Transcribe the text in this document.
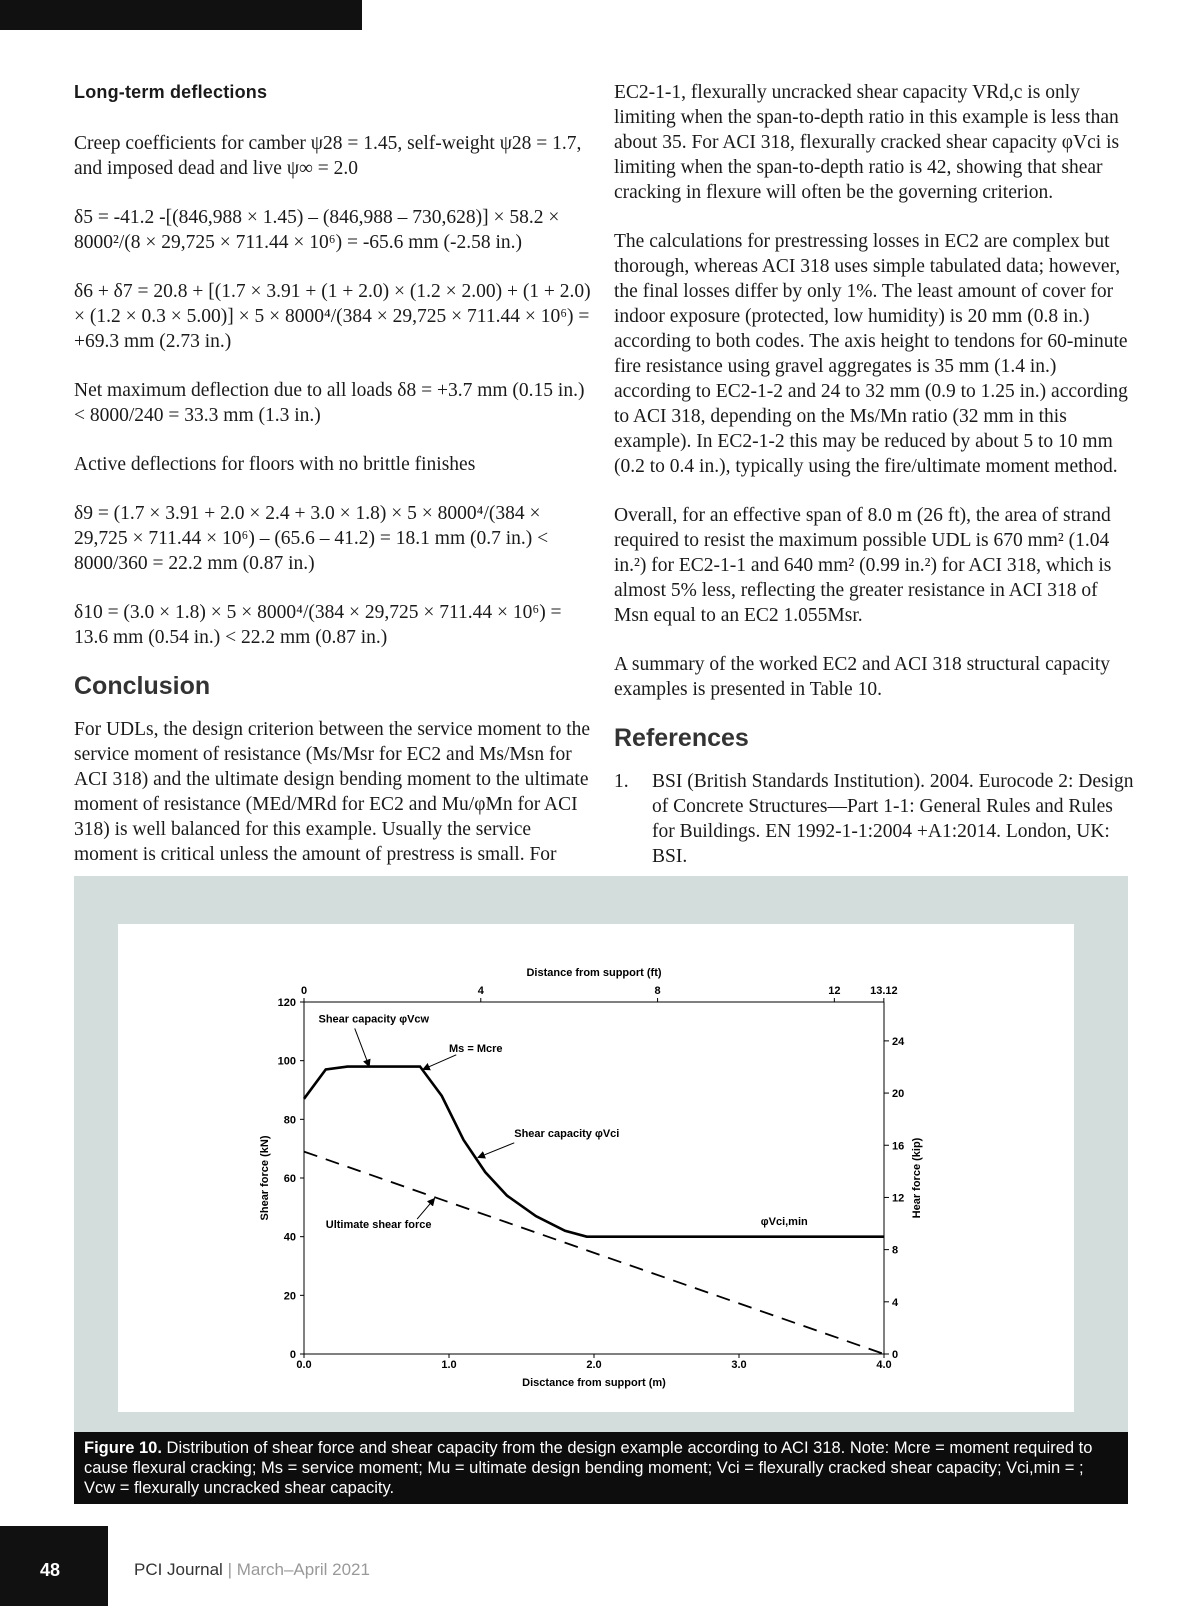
Long-term deflections

Creep coefficients for camber ψ28 = 1.45, self-weight ψ28 = 1.7, and imposed dead and live ψ∞ = 2.0

δ5 = -41.2 -[(846,988 × 1.45) – (846,988 – 730,628)] × 58.2 × 8000²/(8 × 29,725 × 711.44 × 10⁶) = -65.6 mm (-2.58 in.)

δ6 + δ7 = 20.8 + [(1.7 × 3.91 + (1 + 2.0) × (1.2 × 2.00) + (1 + 2.0) × (1.2 × 0.3 × 5.00)] × 5 × 8000⁴/(384 × 29,725 × 711.44 × 10⁶) = +69.3 mm (2.73 in.)

Net maximum deflection due to all loads δ8 = +3.7 mm (0.15 in.) < 8000/240 = 33.3 mm (1.3 in.)

Active deflections for floors with no brittle finishes

δ9 = (1.7 × 3.91 + 2.0 × 2.4 + 3.0 × 1.8) × 5 × 8000⁴/(384 × 29,725 × 711.44 × 10⁶) – (65.6 – 41.2) = 18.1 mm (0.7 in.) < 8000/360 = 22.2 mm (0.87 in.)

δ10 = (3.0 × 1.8) × 5 × 8000⁴/(384 × 29,725 × 711.44 × 10⁶) = 13.6 mm (0.54 in.) < 22.2 mm (0.87 in.)

Conclusion

For UDLs, the design criterion between the service moment to the service moment of resistance (Ms/Msr for EC2 and Ms/Msn for ACI 318) and the ultimate design bending moment to the ultimate moment of resistance (MEd/MRd for EC2 and Mu/φMn for ACI 318) is well balanced for this example. Usually the service moment is critical unless the amount of prestress is small. For

EC2-1-1, flexurally uncracked shear capacity VRd,c is only limiting when the span-to-depth ratio in this example is less than about 35. For ACI 318, flexurally cracked shear capacity φVci is limiting when the span-to-depth ratio is 42, showing that shear cracking in flexure will often be the governing criterion.

The calculations for prestressing losses in EC2 are complex but thorough, whereas ACI 318 uses simple tabulated data; however, the final losses differ by only 1%. The least amount of cover for indoor exposure (protected, low humidity) is 20 mm (0.8 in.) according to both codes. The axis height to tendons for 60-minute fire resistance using gravel aggregates is 35 mm (1.4 in.) according to EC2-1-2 and 24 to 32 mm (0.9 to 1.25 in.) according to ACI 318, depending on the Ms/Mn ratio (32 mm in this example). In EC2-1-2 this may be reduced by about 5 to 10 mm (0.2 to 0.4 in.), typically using the fire/ultimate moment method.

Overall, for an effective span of 8.0 m (26 ft), the area of strand required to resist the maximum possible UDL is 670 mm² (1.04 in.²) for EC2-1-1 and 640 mm² (0.99 in.²) for ACI 318, which is almost 5% less, reflecting the greater resistance in ACI 318 of Msn equal to an EC2 1.055Msr.

A summary of the worked EC2 and ACI 318 structural capacity examples is presented in Table 10.

References
1.	BSI (British Standards Institution). 2004. Eurocode 2: Design of Concrete Structures—Part 1-1: General Rules and Rules for Buildings. EN 1992-1-1:2004 +A1:2014. London, UK: BSI.
0.0	1.0	2.0	3.0	4.0
0
20
40
60
80
100
120
0	4	8	12	13.12
0
4
8
12
16
20
24
Disctance from support (m)
Distance from support (ft)
Shear force (kN)	Hear force (kip)
Shear capacity φVcw
Ms = Mcre
Shear capacity φVci
Ultimate shear force	φVci,min
Figure 10. Distribution of shear force and shear capacity from the design example according to ACI 318. Note: Mcre = moment required to cause flexural cracking; Ms = service moment; Mu = ultimate design bending moment; Vci = flexurally cracked shear capacity; Vci,min = ; Vcw = flexurally uncracked shear capacity.
48	PCI Journal | March–April 2021
